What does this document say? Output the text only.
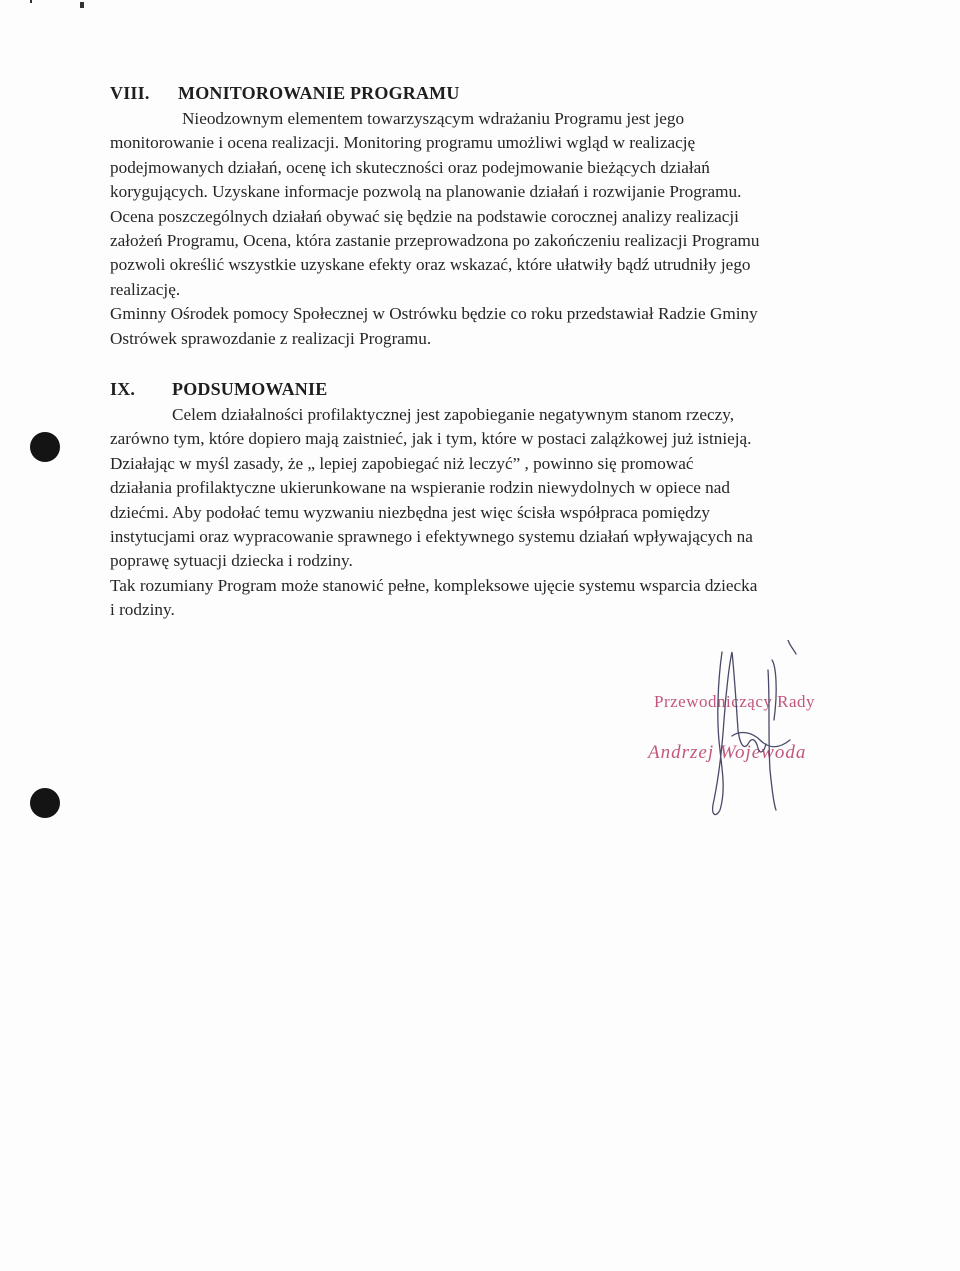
VIII. MONITOROWANIE PROGRAMU
Nieodzownym elementem towarzyszącym wdrażaniu Programu jest jego
monitorowanie i ocena realizacji. Monitoring programu umożliwi wgląd w realizację
podejmowanych działań, ocenę ich skuteczności oraz podejmowanie bieżących działań
korygujących. Uzyskane informacje pozwolą na planowanie działań i rozwijanie Programu.
Ocena poszczególnych działań obywać się będzie na podstawie corocznej analizy realizacji
założeń Programu, Ocena, która zastanie przeprowadzona po zakończeniu realizacji Programu
pozwoli określić wszystkie uzyskane efekty oraz wskazać, które ułatwiły bądź utrudniły jego
realizację.
Gminny Ośrodek pomocy Społecznej w Ostrówku będzie co roku przedstawiał Radzie Gminy
Ostrówek sprawozdanie z realizacji Programu.
IX. PODSUMOWANIE
Celem działalności profilaktycznej jest zapobieganie negatywnym stanom rzeczy,
zarówno tym, które dopiero mają zaistnieć, jak i tym, które w postaci zalążkowej już istnieją.
Działając w myśl zasady, że „ lepiej zapobiegać niż leczyć” , powinno się promować
działania profilaktyczne ukierunkowane na wspieranie rodzin niewydolnych w opiece nad
dziećmi. Aby podołać temu wyzwaniu niezbędna jest więc ścisła współpraca pomiędzy
instytucjami oraz wypracowanie sprawnego i efektywnego systemu działań wpływających na
poprawę sytuacji dziecka i rodziny.
Tak rozumiany Program może stanowić pełne, kompleksowe ujęcie systemu wsparcia dziecka
i rodziny.
Przewodniczący Rady
Andrzej Wojewoda
